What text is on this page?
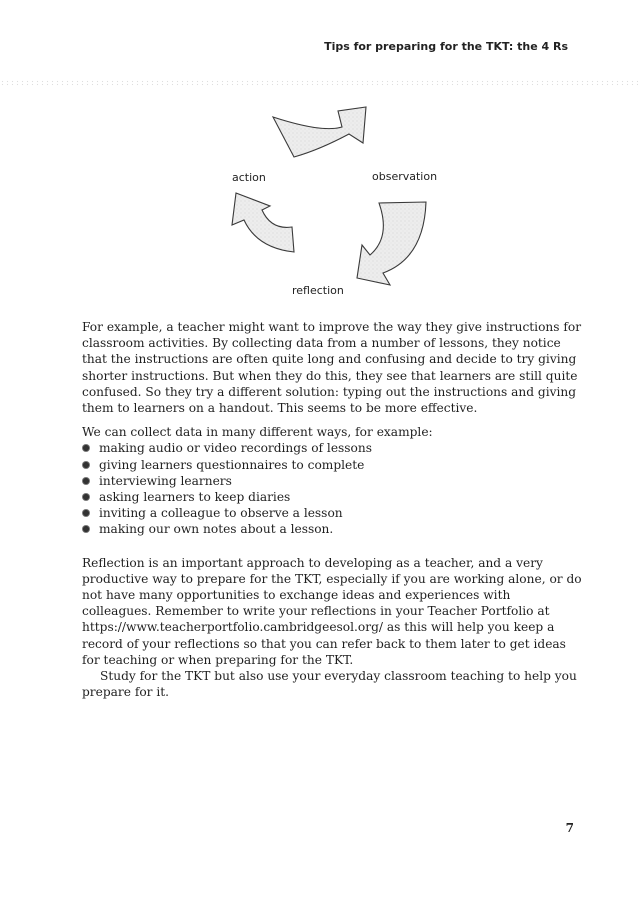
Tips for preparing for the TKT: the 4 Rs
action	observation
reflection

For example, a teacher might want to improve the way they give instructions for classroom activities. By collecting data from a number of lessons, they notice that the instructions are often quite long and confusing and decide to try giving shorter instructions. But when they do this, they see that learners are still quite confused. So they try a different solution: typing out the instructions and giving them to learners on a handout. This seems to be more effective.

We can collect data in many different ways, for example:

making audio or video recordings of lessons
giving learners questionnaires to complete
interviewing learners
asking learners to keep diaries
inviting a colleague to observe a lesson
making our own notes about a lesson.

Reflection is an important approach to developing as a teacher, and a very productive way to prepare for the TKT, especially if you are working alone, or do not have many opportunities to exchange ideas and experiences with colleagues. Remember to write your reflections in your Teacher Portfolio at https://www.teacherportfolio.cambridgeesol.org/ as this will help you keep a record of your reflections so that you can refer back to them later to get ideas for teaching or when preparing for the TKT.

Study for the TKT but also use your everyday classroom teaching to help you prepare for it.

7
